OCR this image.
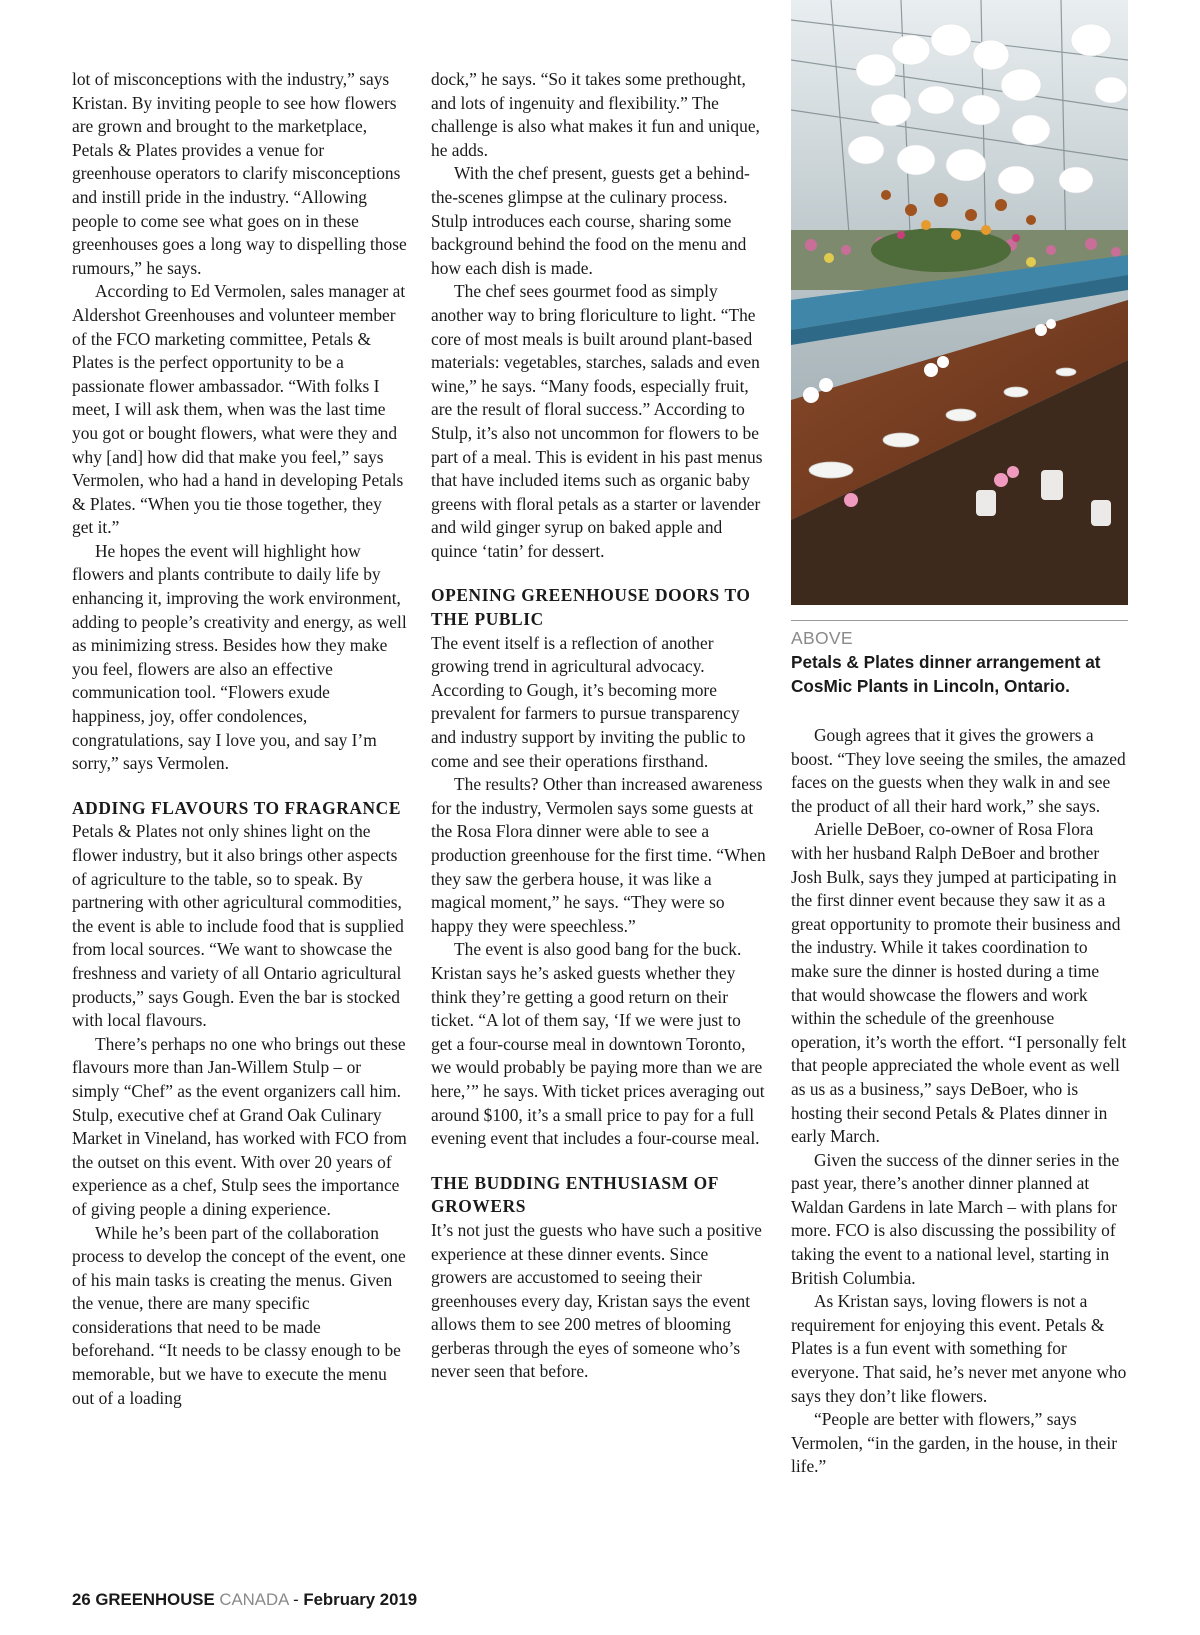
ABOVE
Petals & Plates dinner arrangement at CosMic Plants in Lincoln, Ontario.

lot of misconceptions with the industry,” says Kristan. By inviting people to see how flowers are grown and brought to the marketplace, Petals & Plates provides a venue for greenhouse operators to clarify misconceptions and instill pride in the industry. “Allowing people to come see what goes on in these greenhouses goes a long way to dispelling those rumours,” he says.

According to Ed Vermolen, sales manager at Aldershot Greenhouses and volunteer member of the FCO marketing committee, Petals & Plates is the perfect opportunity to be a passionate flower ambassador. “With folks I meet, I will ask them, when was the last time you got or bought flowers, what were they and why [and] how did that make you feel,” says Vermolen, who had a hand in developing Petals & Plates. “When you tie those together, they get it.”

He hopes the event will highlight how flowers and plants contribute to daily life by enhancing it, improving the work environment, adding to people’s creativity and energy, as well as minimizing stress. Besides how they make you feel, flowers are also an effective communication tool. “Flowers exude happiness, joy, offer condolences, congratulations, say I love you, and say I’m sorry,” says Vermolen.

ADDING FLAVOURS TO FRAGRANCE

Petals & Plates not only shines light on the flower industry, but it also brings other aspects of agriculture to the table, so to speak. By partnering with other agricultural commodities, the event is able to include food that is supplied from local sources. “We want to showcase the freshness and variety of all Ontario agricultural products,” says Gough. Even the bar is stocked with local flavours.

There’s perhaps no one who brings out these flavours more than Jan-Willem Stulp – or simply “Chef” as the event organizers call him. Stulp, executive chef at Grand Oak Culinary Market in Vineland, has worked with FCO from the outset on this event. With over 20 years of experience as a chef, Stulp sees the importance of giving people a dining experience.

While he’s been part of the collaboration process to develop the concept of the event, one of his main tasks is creating the menus. Given the venue, there are many specific considerations that need to be made beforehand. “It needs to be classy enough to be memorable, but we have to execute the menu out of a loading

dock,” he says. “So it takes some prethought, and lots of ingenuity and flexibility.” The challenge is also what makes it fun and unique, he adds.

With the chef present, guests get a behind-the-scenes glimpse at the culinary process. Stulp introduces each course, sharing some background behind the food on the menu and how each dish is made.

The chef sees gourmet food as simply another way to bring floriculture to light. “The core of most meals is built around plant-based materials: vegetables, starches, salads and even wine,” he says. “Many foods, especially fruit, are the result of floral success.” According to Stulp, it’s also not uncommon for flowers to be part of a meal. This is evident in his past menus that have included items such as organic baby greens with floral petals as a starter or lavender and wild ginger syrup on baked apple and quince ‘tatin’ for dessert.

OPENING GREENHOUSE DOORS TO THE PUBLIC

The event itself is a reflection of another growing trend in agricultural advocacy. According to Gough, it’s becoming more prevalent for farmers to pursue transparency and industry support by inviting the public to come and see their operations firsthand.

The results? Other than increased awareness for the industry, Vermolen says some guests at the Rosa Flora dinner were able to see a production greenhouse for the first time. “When they saw the gerbera house, it was like a magical moment,” he says. “They were so happy they were speechless.”

The event is also good bang for the buck. Kristan says he’s asked guests whether they think they’re getting a good return on their ticket. “A lot of them say, ‘If we were just to get a four-course meal in downtown Toronto, we would probably be paying more than we are here,’” he says. With ticket prices averaging out around $100, it’s a small price to pay for a full evening event that includes a four-course meal.

THE BUDDING ENTHUSIASM OF GROWERS

It’s not just the guests who have such a positive experience at these dinner events. Since growers are accustomed to seeing their greenhouses every day, Kristan says the event allows them to see 200 metres of blooming gerberas through the eyes of someone who’s never seen that before.

Gough agrees that it gives the growers a boost. “They love seeing the smiles, the amazed faces on the guests when they walk in and see the product of all their hard work,” she says.

Arielle DeBoer, co-owner of Rosa Flora with her husband Ralph DeBoer and brother Josh Bulk, says they jumped at participating in the first dinner event because they saw it as a great opportunity to promote their business and the industry. While it takes coordination to make sure the dinner is hosted during a time that would showcase the flowers and work within the schedule of the greenhouse operation, it’s worth the effort. “I personally felt that people appreciated the whole event as well as us as a business,” says DeBoer, who is hosting their second Petals & Plates dinner in early March.

Given the success of the dinner series in the past year, there’s another dinner planned at Waldan Gardens in late March – with plans for more. FCO is also discussing the possibility of taking the event to a national level, starting in British Columbia.

As Kristan says, loving flowers is not a requirement for enjoying this event. Petals & Plates is a fun event with something for everyone. That said, he’s never met anyone who says they don’t like flowers.

“People are better with flowers,” says Vermolen, “in the garden, in the house, in their life.”

26 GREENHOUSE CANADA - February 2019
